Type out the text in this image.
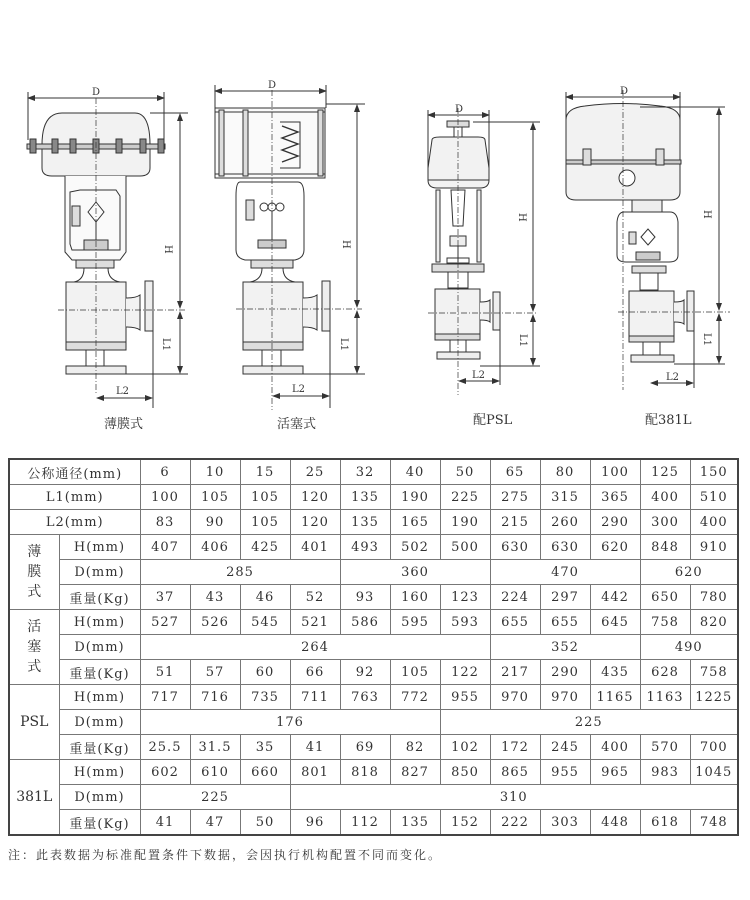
D
D
D
D
H
H
H	H
L1	L1	L1	L1
L2	L2
L2	L2
薄膜式	活塞式	配PSL	配381L
公称通径(mm)		6	10	15	25	32	40	50	65	80	100	125	150
L1(mm)		100	105	105	120	135	190	225	275	315	365	400	510
L2(mm)		83	90	105	120	135	165	190	215	260	290	300	400

薄
膜
式	H(mm)	407	406	425	401	493	502	500	630	630	620	848	910
	D(mm)	285				360			470			620	
	重量(Kg)	37	43	46	52	93	160	123	224	297	442	650	780

活
塞
式	H(mm)	527	526	545	521	586	595	593	655	655	645	758	820
	D(mm)	264							352			490	
	重量(Kg)	51	57	60	66	92	105	122	217	290	435	628	758

PSL	H(mm)	717	716	735	711	763	772	955	970	970	1165	1163	1225
	D(mm)	176						225					
	重量(Kg)	25.5	31.5	35	41	69	82	102	172	245	400	570	700

381L	H(mm)	602	610	660	801	818	827	850	865	955	965	983	1045
	D(mm)	225			310								
	重量(Kg)	41	47	50	96	112	135	152	222	303	448	618	748
注：此表数据为标准配置条件下数据，会因执行机构配置不同而变化。
